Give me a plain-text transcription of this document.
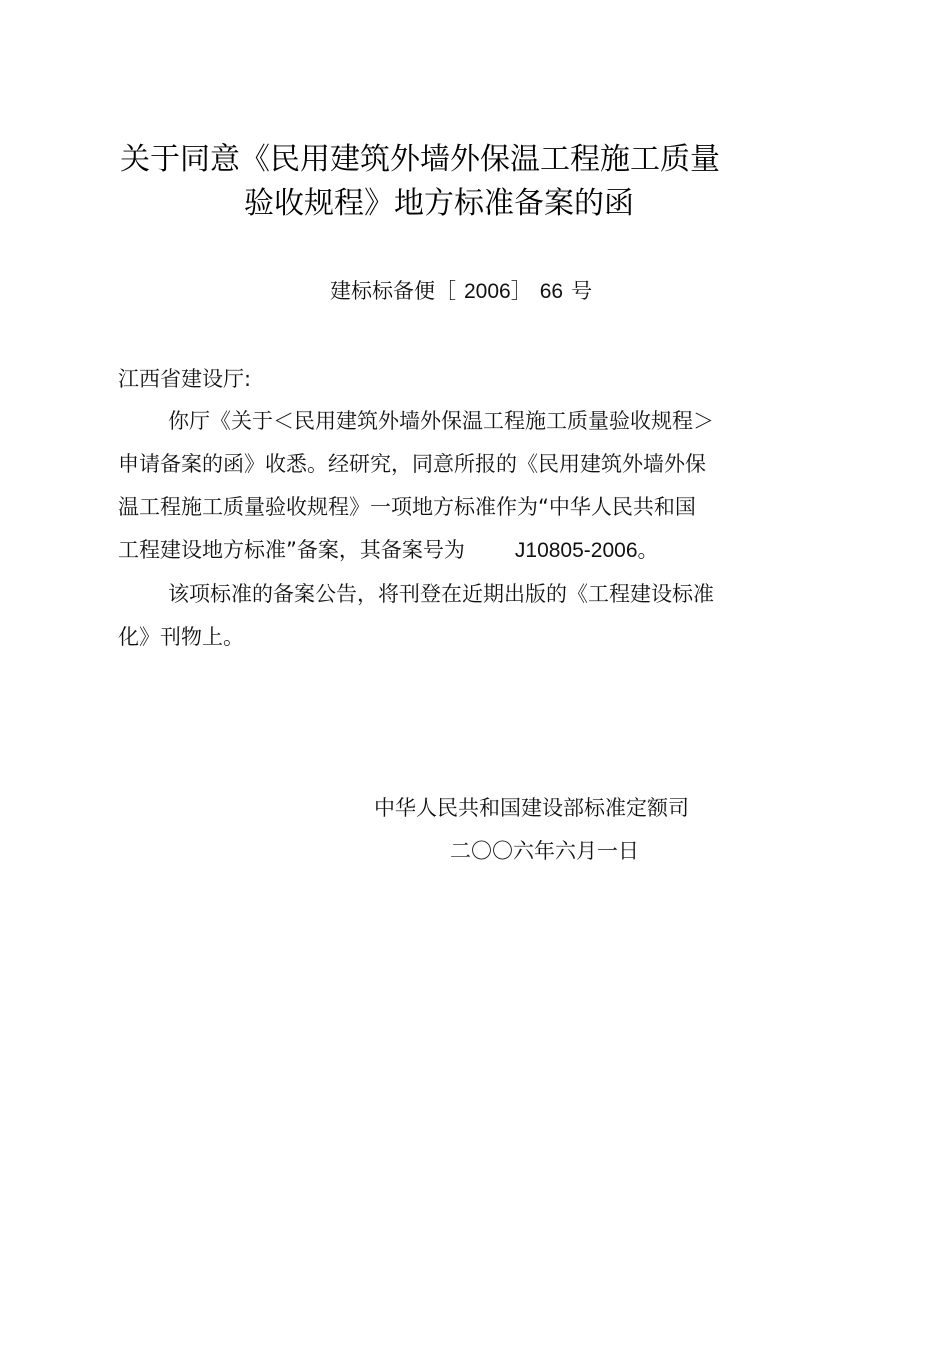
关于同意《民用建筑外墙外保温工程施工质量
验收规程》地方标准备案的函
建标标备便［ 2006］ 66 号
江西省建设厅:
你厅《关于＜民用建筑外墙外保温工程施工质量验收规程＞
申请备案的函》收悉。经研究，同意所报的《民用建筑外墙外保
温工程施工质量验收规程》一项地方标准作为“中华人民共和国
工程建设地方标准”备案，其备案号为 J10805-2006。
该项标准的备案公告，将刊登在近期出版的《工程建设标准
化》刊物上。
中华人民共和国建设部标准定额司
二〇〇六年六月一日
